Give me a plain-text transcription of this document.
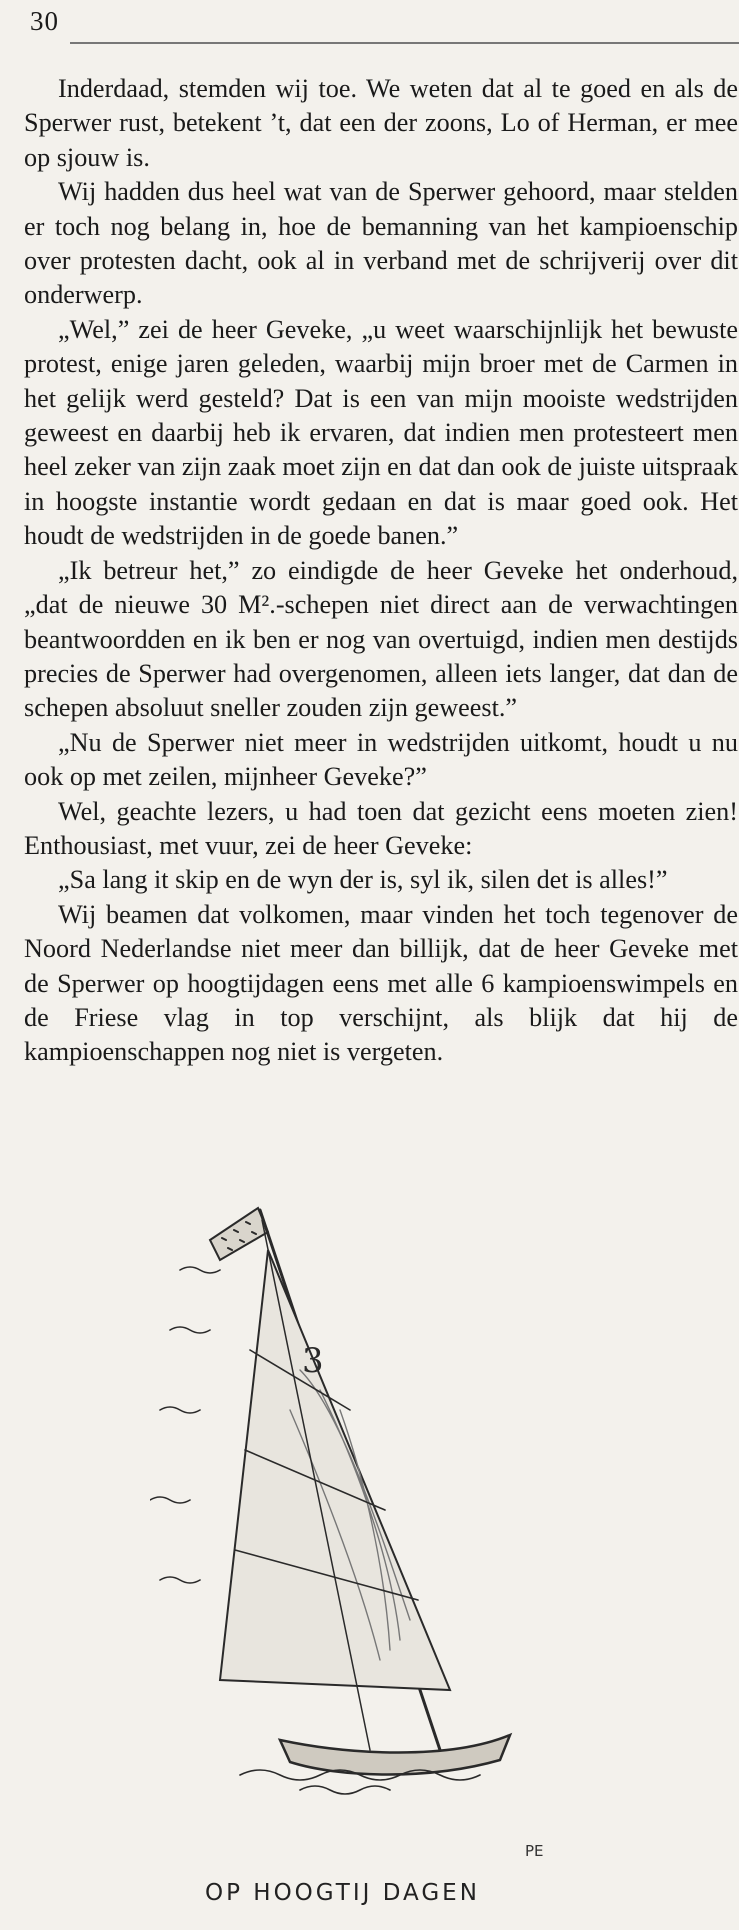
30

Inderdaad, stemden wij toe. We weten dat al te goed en als de Sperwer rust, betekent ’t, dat een der zoons, Lo of Herman, er mee op sjouw is.

Wij hadden dus heel wat van de Sperwer gehoord, maar stelden er toch nog belang in, hoe de bemanning van het kampioenschip over protesten dacht, ook al in verband met de schrijverij over dit onderwerp.

„Wel,” zei de heer Geveke, „u weet waarschijnlijk het bewuste protest, enige jaren geleden, waarbij mijn broer met de Carmen in het gelijk werd gesteld? Dat is een van mijn mooiste wedstrijden geweest en daarbij heb ik ervaren, dat indien men protesteert men heel zeker van zijn zaak moet zijn en dat dan ook de juiste uitspraak in hoogste instantie wordt gedaan en dat is maar goed ook. Het houdt de wedstrijden in de goede banen.”

„Ik betreur het,” zo eindigde de heer Geveke het onderhoud, „dat de nieuwe 30 M².-schepen niet direct aan de verwachtingen beantwoordden en ik ben er nog van overtuigd, indien men destijds precies de Sperwer had overgenomen, alleen iets langer, dat dan de schepen absoluut sneller zouden zijn geweest.”

„Nu de Sperwer niet meer in wedstrijden uitkomt, houdt u nu ook op met zeilen, mijnheer Geveke?”

Wel, geachte lezers, u had toen dat gezicht eens moeten zien! Enthousiast, met vuur, zei de heer Geveke:

„Sa lang it skip en de wyn der is, syl ik, silen det is alles!”

Wij beamen dat volkomen, maar vinden het toch tegenover de Noord Nederlandse niet meer dan billijk, dat de heer Geveke met de Sperwer op hoogtijdagen eens met alle 6 kampioenswimpels en de Friese vlag in top verschijnt, als blijk dat hij de kampioenschappen nog niet is vergeten.

3
PE
OP HOOGTIJ DAGEN
